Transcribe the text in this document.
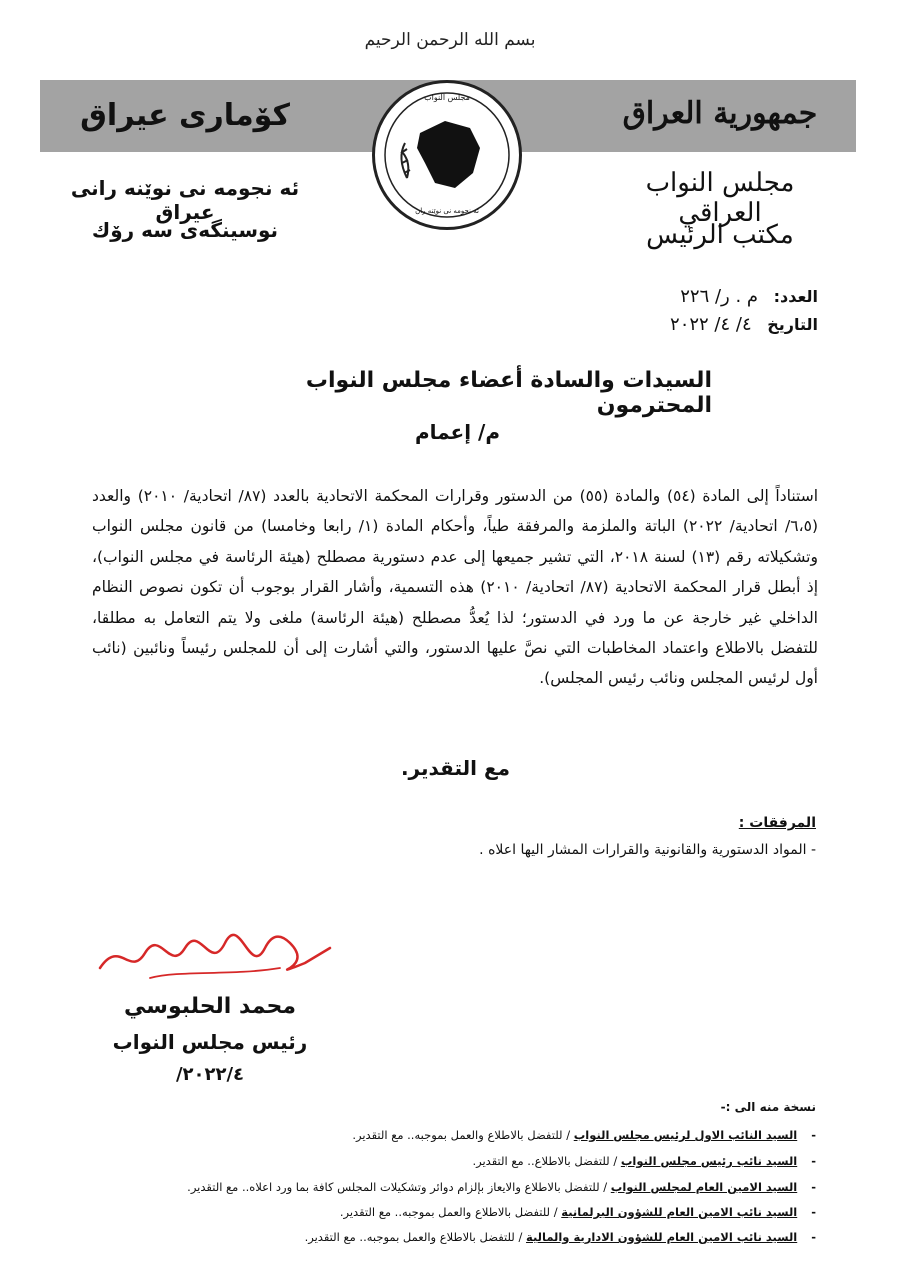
بسم الله الرحمن الرحيم
كۆمارى عيراق	جمهورية العراق
مجلس النواب
ئه نجومه نى نوێنه ران
ئه نجومه نى نوێنه رانى عيراق
نوسينگه‌ى سه رۆك
مجلس النواب العراقي
مكتب الرئيس
العدد: م . ر/ ٢٢٦
التاريخ ٤/ ٤/ ٢٠٢٢
السيدات والسادة أعضاء مجلس النواب المحترمون
م/ إعمام
استناداً إلى المادة (٥٤) والمادة (٥٥) من الدستور وقرارات المحكمة الاتحادية بالعدد (٨٧/ اتحادية/ ٢٠١٠) والعدد (٦،٥/ اتحادية/ ٢٠٢٢) الباتة والملزمة والمرفقة طياً، وأحكام المادة (١/ رابعا وخامسا) من قانون مجلس النواب وتشكيلاته رقم (١٣) لسنة ٢٠١٨، التي تشير جميعها إلى عدم دستورية مصطلح (هيئة الرئاسة في مجلس النواب)، إذ أبطل قرار المحكمة الاتحادية (٨٧/ اتحادية/ ٢٠١٠) هذه التسمية، وأشار القرار بوجوب أن تكون نصوص النظام الداخلي غير خارجة عن ما ورد في الدستور؛ لذا يُعدُّ مصطلح (هيئة الرئاسة) ملغى ولا يتم التعامل به مطلقا، للتفضل بالاطلاع واعتماد المخاطبات التي نصَّ عليها الدستور، والتي أشارت إلى أن للمجلس رئيساً ونائبين (نائب أول لرئيس المجلس ونائب رئيس المجلس).
مع التقدير.
المرفقات :
- المواد الدستورية والقانونية والقرارات المشار اليها اعلاه .
محمد الحلبوسي
رئيس مجلس النواب
٢٠٢٢/٤/
نسخة منه الى :-
-السيد النائب الاول لرئيس مجلس النواب / للتفضل بالاطلاع والعمل بموجبه.. مع التقدير.
-السيد نائب رئيس مجلس النواب / للتفضل بالاطلاع.. مع التقدير.
-السيد الامين العام لمجلس النواب / للتفضل بالاطلاع والايعاز بإلزام دوائر وتشكيلات المجلس كافة بما ورد اعلاه.. مع التقدير.
-السيد نائب الامين العام للشؤون البرلمانية / للتفضل بالاطلاع والعمل بموجبه.. مع التقدير.
-السيد نائب الامين العام للشؤون الادارية والمالية / للتفضل بالاطلاع والعمل بموجبه.. مع التقدير.
